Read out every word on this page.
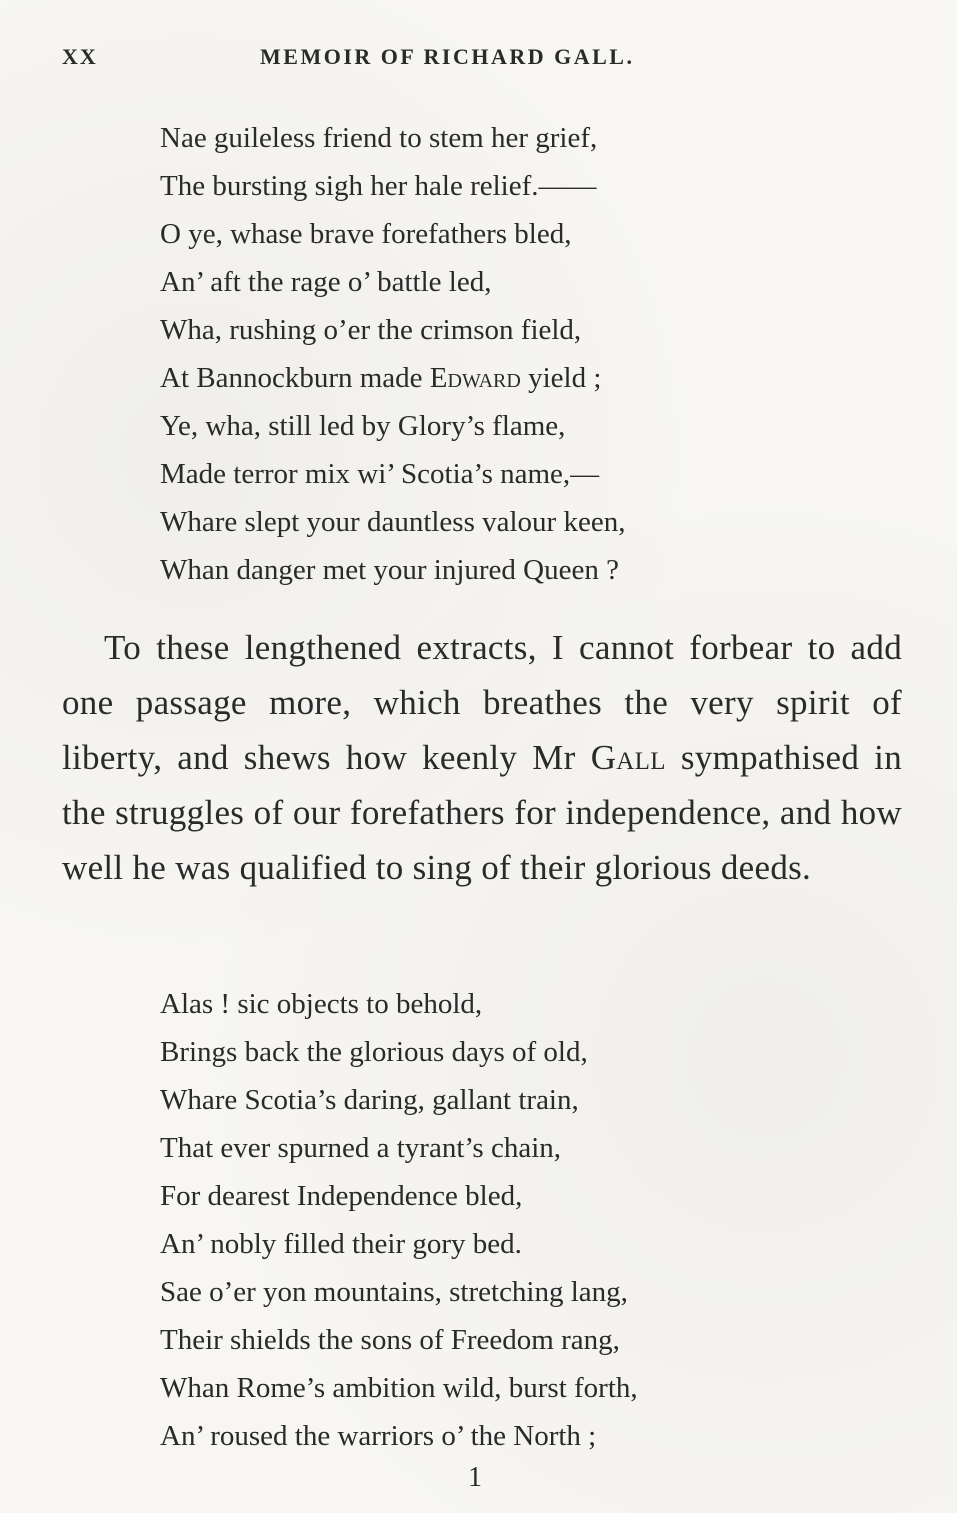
XX	MEMOIR OF RICHARD GALL.
Nae guileless friend to stem her grief,
The bursting sigh her hale relief.——
O ye, whase brave forefathers bled,
An’ aft the rage o’ battle led,
Wha, rushing o’er the crimson field,
At Bannockburn made Edward yield ;
Ye, wha, still led by Glory’s flame,
Made terror mix wi’ Scotia’s name,—
Whare slept your dauntless valour keen,
Whan danger met your injured Queen ?

To these lengthened extracts, I cannot forbear to add one passage more, which breathes the very spirit of liberty, and shews how keenly Mr Gall sympathised in the struggles of our forefathers for independence, and how well he was qualified to sing of their glorious deeds.

Alas ! sic objects to behold,
Brings back the glorious days of old,
Whare Scotia’s daring, gallant train,
That ever spurned a tyrant’s chain,
For dearest Independence bled,
An’ nobly filled their gory bed.
Sae o’er yon mountains, stretching lang,
Their shields the sons of Freedom rang,
Whan Rome’s ambition wild, burst forth,
An’ roused the warriors o’ the North ;
1
